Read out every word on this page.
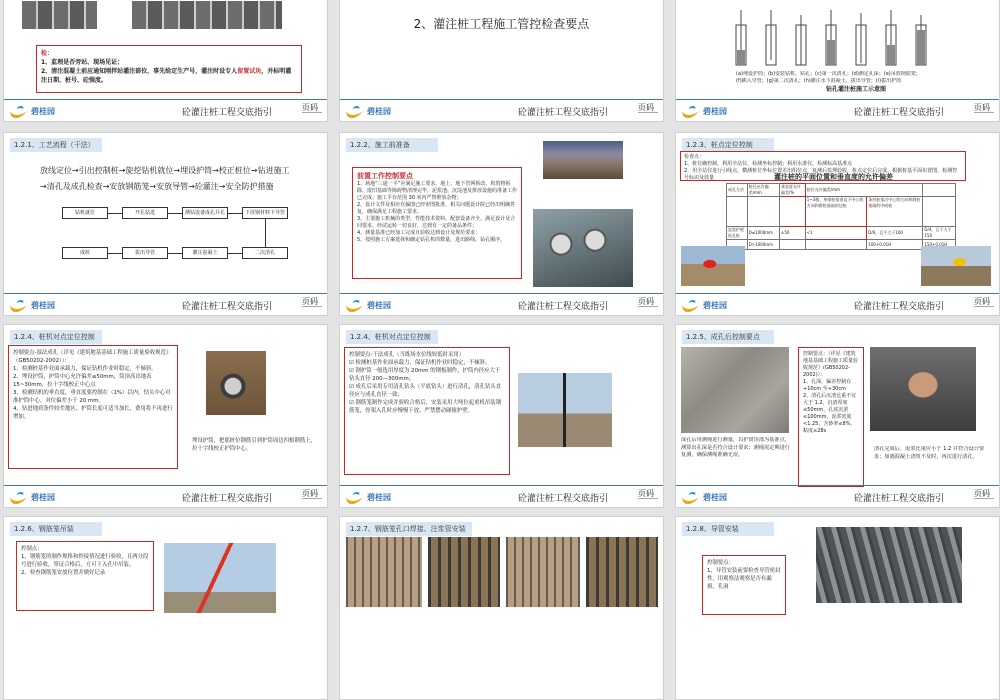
检：
1、监理是否旁站、现场见证；
2、清注混凝土前应通知刚拌站灌注部位，事先给定生产号，灌注时设专人留置试块，并标明灌注日期、桩号、砼强度。
碧桂园	砼灌注桩工程交底指引
页码
2、灌注桩工程施工管控检查要点
碧桂园	砼灌注桩工程交底指引
页码
(a)埋设护筒；(b)安装钻机、钻孔；(c)第一次清孔；(d)测定孔深；(e)吊放钢筋笼；
(f)插入导管；(g)第二次清孔；(h)灌注水下混凝土、拔出导管；(i)拔出护筒
钻孔灌注桩施工示意图
碧桂园	砼灌注桩工程交底指引
页码
1.2.1、工艺流程（干法）
放线定位→引出控制桩→旋挖钻机就位→埋设护筒→校正桩位→钻进施工
→清孔及成孔检查→安放钢筋笼→安放导管→砼灌注→安全防护措施
钻机就位	开孔钻进	测钻设备成孔并孔	下放钢材料下导管
成桩	拔出导管	灌注混凝土	二次清孔
碧桂园	砼灌注桩工程交底指引
页码
1.2.2、施工前准备
前置工作控制要点
1、场地“三通一平”应满足施工要求，地上、地下管网拆改、构筑物拆除，废旧基础等障碍物清理完毕，泥浆池、沉淀池及排放设施的准备工作已完成；施工平台范围 30 米内严禁堆放杂物；
2、设计文件及相应有偏图已经审图批准，相关问题设计院已经出明确答复，确保满足工程施工要求。
3、主要施工机械的类型、性能技术资料、配套设备齐全，满足设计及合同要求，经试运转一切良好，达到有一定的备品条件；
4、测量基准已经加工完成且验收达到设计及规范要求；
5、按照施工方案选择和确定钻孔机的数量，进出路线、钻孔顺序。
碧桂园	砼灌注桩工程交底指引
页码
1.2.3、桩点定位控制
检查点：
1、桩位确控制，利用全站仪，检测坐标控制；利用水准仪，检测标高基准点
2、用全站仪进行引线点，横测桩位坐标位置差出组位点，复测后监理验收，桩点定位后完成，根据桩基平面布置图，检测符号标识及放量	灌注桩的平面位置和垂直度的允许偏差
成孔方法	桩径允许偏差/mm	垂直度允许偏差/%	桩位允许偏差/mm		
			1~3根、单排桩基垂直于中心线方向和群桩基础的边桩	条形桩基沿中心线方向和群桩基础的中间桩	
泥浆护壁钻孔桩	D≤1000mm	±50	<1	D/6，且不大于100	D/4，且不大于150
	D>1000mm			100+0.01H	150+0.01H
碧桂园	砼灌注桩工程交底指引
页码
1.2.4、桩机对点定位控制
控制要点-湿法成孔（详见《建筑地基基础工程施工质量验收规范》（GB50202-2002））：
1、检测桩基作业面承载力，保证钻机作业时稳定，不倾斜。
2、埋设护筒，护筒中心允许偏差≤50mm，筒顶高出地表 15~30mm，拉十字线校正中心点
3、检测钻机的垂直度，垂直度要控制在（1%）以内。钻头中心对准护筒中心，对位偏差小于 20 mm。
4、钻进地质条件较差地区，护筒长度可适当加长，费用将不再进行增加。
埋设护筒，把那桩位钢筋引到护筒周边四根钢筋上，拉十字线校正护筒中心。
碧桂园	砼灌注桩工程交底指引
页码
1.2.4、桩机对点定位控制
控制要点-干法成孔（当既场水位线较低时采用）
☑ 检测桩基作业面承载力，保证钻机作业时稳定，不倾斜。
☑ 钢护筒一般选用厚度为 20mm 的钢板制作，护筒内径应大于钻头直径 200—300mm；
☑ 成孔后采用专用清孔钻头（平底钻头）进行清孔，清孔钻头直径应与成孔直径一致；
☑ 钢筋笼制作完成并验收合格后，安装采用大吨位起重机吊装钢筋笼，骨架入孔时应慢慢下放，严禁摆动碰撞护壁。
碧桂园	砼灌注桩工程交底指引
页码
1.2.5、成孔后控制要点
控制要点：（详见《建筑地基基础工程施工质量验收规范》(GB50202-2002)）：
1、孔深，偏差控制在+10cm 至+30cm
2、清孔后沉渣比重不宜大于 1.2，沉渣厚度≤50mm，孔底沉淤≤100mm，泥浆密度<1.25，含砂率≤8%，粘度≤28s
成孔后用测绳进行测量，以护筒顶部为基准点，测算出孔深是否符合设计要求；测绳需定期进行复测，确保测绳准确无误。
清孔完成后，泥浆比重应小于 1.2 并符合设计要求；如遇混凝土浇筑不及时，再次进行清孔。
碧桂园	砼灌注桩工程交底指引
页码
1.2.6、钢筋笼吊装
控制点：
1、钢筋笼的制作规格和焊接情况进行验收，且两分段号进行验收，签证合格后，方可下入孔中吊装。
2、检查钢筋笼安放位置并做好记录
1.2.7、钢筋笼孔口焊接、注浆管安装	1.2.8、导管安装
控制要点：
1、导管安装前要检查导管密封性，用观察法观察是否有漏损，孔洞
